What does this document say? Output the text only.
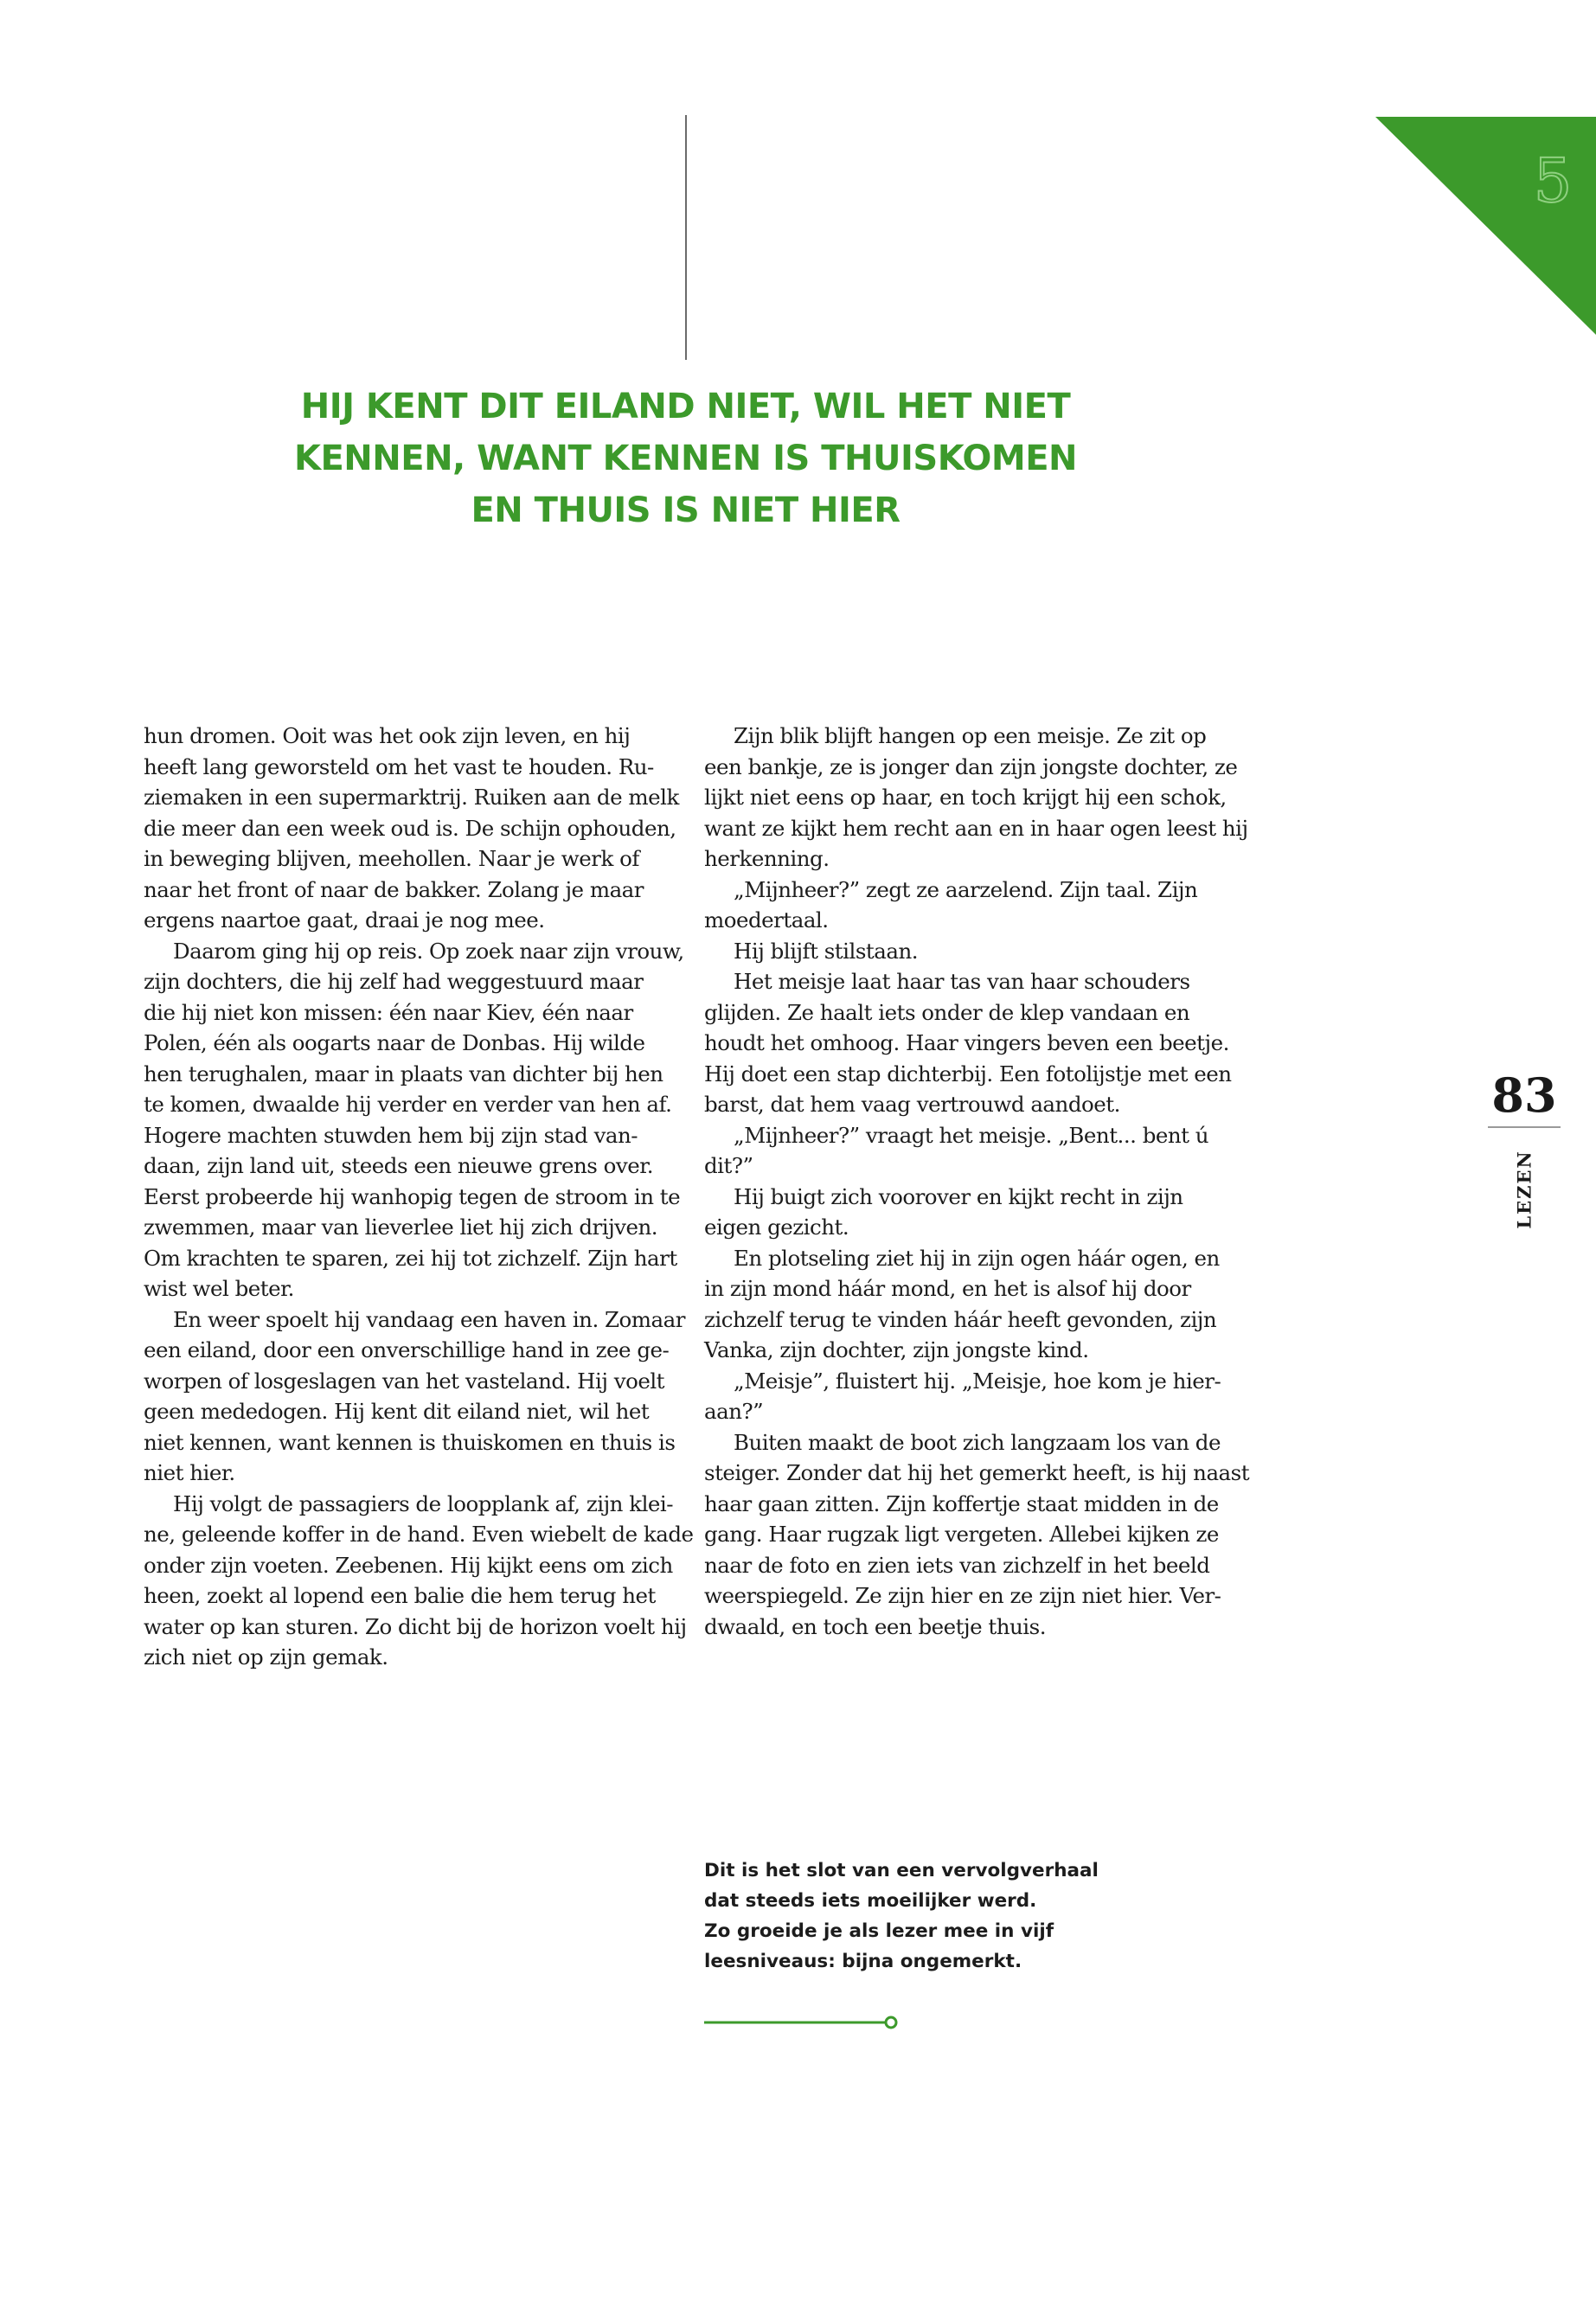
5
HIJ KENT DIT EILAND NIET, WIL HET NIET
KENNEN, WANT KENNEN IS THUISKOMEN
EN THUIS IS NIET HIER
hun dromen. Ooit was het ook zijn leven, en hij
heeft lang geworsteld om het vast te houden. Ru-
ziemaken in een supermarktrij. Ruiken aan de melk
die meer dan een week oud is. De schijn ophouden,
in beweging blijven, meehollen. Naar je werk of
naar het front of naar de bakker. Zolang je maar
ergens naartoe gaat, draai je nog mee.
Daarom ging hij op reis. Op zoek naar zijn vrouw,
zijn dochters, die hij zelf had weggestuurd maar
die hij niet kon missen: één naar Kiev, één naar
Polen, één als oogarts naar de Donbas. Hij wilde
hen terughalen, maar in plaats van dichter bij hen
te komen, dwaalde hij verder en verder van hen af.
Hogere machten stuwden hem bij zijn stad van-
daan, zijn land uit, steeds een nieuwe grens over.
Eerst probeerde hij wanhopig tegen de stroom in te
zwemmen, maar van lieverlee liet hij zich drijven.
Om krachten te sparen, zei hij tot zichzelf. Zijn hart
wist wel beter.
En weer spoelt hij vandaag een haven in. Zomaar
een eiland, door een onverschillige hand in zee ge-
worpen of losgeslagen van het vasteland. Hij voelt
geen mededogen. Hij kent dit eiland niet, wil het
niet kennen, want kennen is thuiskomen en thuis is
niet hier.
Hij volgt de passagiers de loopplank af, zijn klei-
ne, geleende koffer in de hand. Even wiebelt de kade
onder zijn voeten. Zeebenen. Hij kijkt eens om zich
heen, zoekt al lopend een balie die hem terug het
water op kan sturen. Zo dicht bij de horizon voelt hij
zich niet op zijn gemak.
Zijn blik blijft hangen op een meisje. Ze zit op
een bankje, ze is jonger dan zijn jongste dochter, ze
lijkt niet eens op haar, en toch krijgt hij een schok,
want ze kijkt hem recht aan en in haar ogen leest hij
herkenning.
„Mijnheer?” zegt ze aarzelend. Zijn taal. Zijn
moedertaal.
Hij blijft stilstaan.
Het meisje laat haar tas van haar schouders
glijden. Ze haalt iets onder de klep vandaan en
houdt het omhoog. Haar vingers beven een beetje.
Hij doet een stap dichterbij. Een fotolijstje met een
barst, dat hem vaag vertrouwd aandoet.
„Mijnheer?” vraagt het meisje. „Bent... bent ú
dit?”
Hij buigt zich voorover en kijkt recht in zijn
eigen gezicht.
En plotseling ziet hij in zijn ogen háár ogen, en
in zijn mond háár mond, en het is alsof hij door
zichzelf terug te vinden háár heeft gevonden, zijn
Vanka, zijn dochter, zijn jongste kind.
„Meisje”, fluistert hij. „Meisje, hoe kom je hier-
aan?”
Buiten maakt de boot zich langzaam los van de
steiger. Zonder dat hij het gemerkt heeft, is hij naast
haar gaan zitten. Zijn koffertje staat midden in de
gang. Haar rugzak ligt vergeten. Allebei kijken ze
naar de foto en zien iets van zichzelf in het beeld
weerspiegeld. Ze zijn hier en ze zijn niet hier. Ver-
dwaald, en toch een beetje thuis.
83
LEZEN
Dit is het slot van een vervolgverhaal
dat steeds iets moeilijker werd.
Zo groeide je als lezer mee in vijf
leesniveaus: bijna ongemerkt.
